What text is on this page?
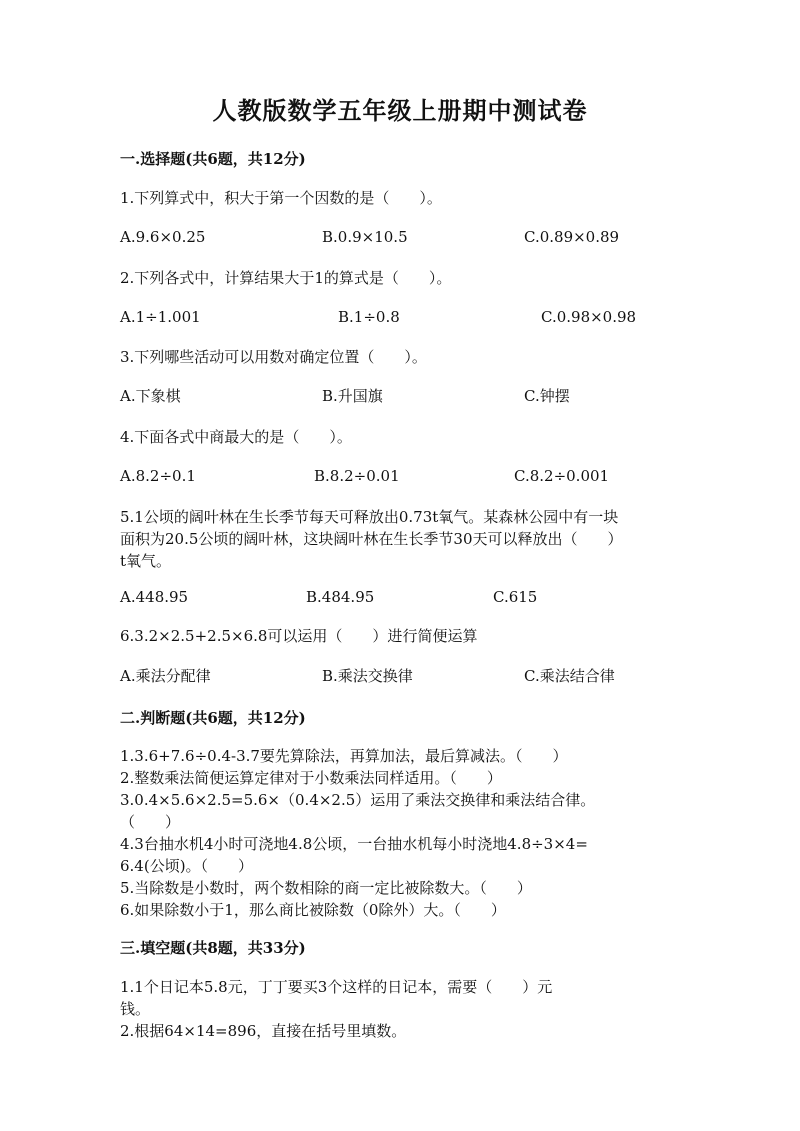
人教版数学五年级上册期中测试卷
一.选择题(共6题，共12分)
1.下列算式中，积大于第一个因数的是（　　）。
A.9.6×0.25	B.0.9×10.5	C.0.89×0.89
2.下列各式中，计算结果大于1的算式是（　　）。
A.1÷1.001	B.1÷0.8	C.0.98×0.98
3.下列哪些活动可以用数对确定位置（　　）。
A.下象棋	B.升国旗	C.钟摆
4.下面各式中商最大的是（　　）。
A.8.2÷0.1	B.8.2÷0.01	C.8.2÷0.001
5.1公顷的阔叶林在生长季节每天可释放出0.73t氧气。某森林公园中有一块
面积为20.5公顷的阔叶林，这块阔叶林在生长季节30天可以释放出（　　）
t氧气。
A.448.95	B.484.95	C.615
6.3.2×2.5+2.5×6.8可以运用（　　）进行简便运算
A.乘法分配律	B.乘法交换律	C.乘法结合律
二.判断题(共6题，共12分)
1.3.6+7.6÷0.4-3.7要先算除法，再算加法，最后算减法。（　　）
2.整数乘法简便运算定律对于小数乘法同样适用。（　　）
3.0.4×5.6×2.5=5.6×（0.4×2.5）运用了乘法交换律和乘法结合律。
（　　）
4.3台抽水机4小时可浇地4.8公顷，一台抽水机每小时浇地4.8÷3×4=
6.4(公顷)。（　　）
5.当除数是小数时，两个数相除的商一定比被除数大。（　　）
6.如果除数小于1，那么商比被除数（0除外）大。（　　）
三.填空题(共8题，共33分)
1.1个日记本5.8元，丁丁要买3个这样的日记本，需要（　　）元
钱。
2.根据64×14=896，直接在括号里填数。
